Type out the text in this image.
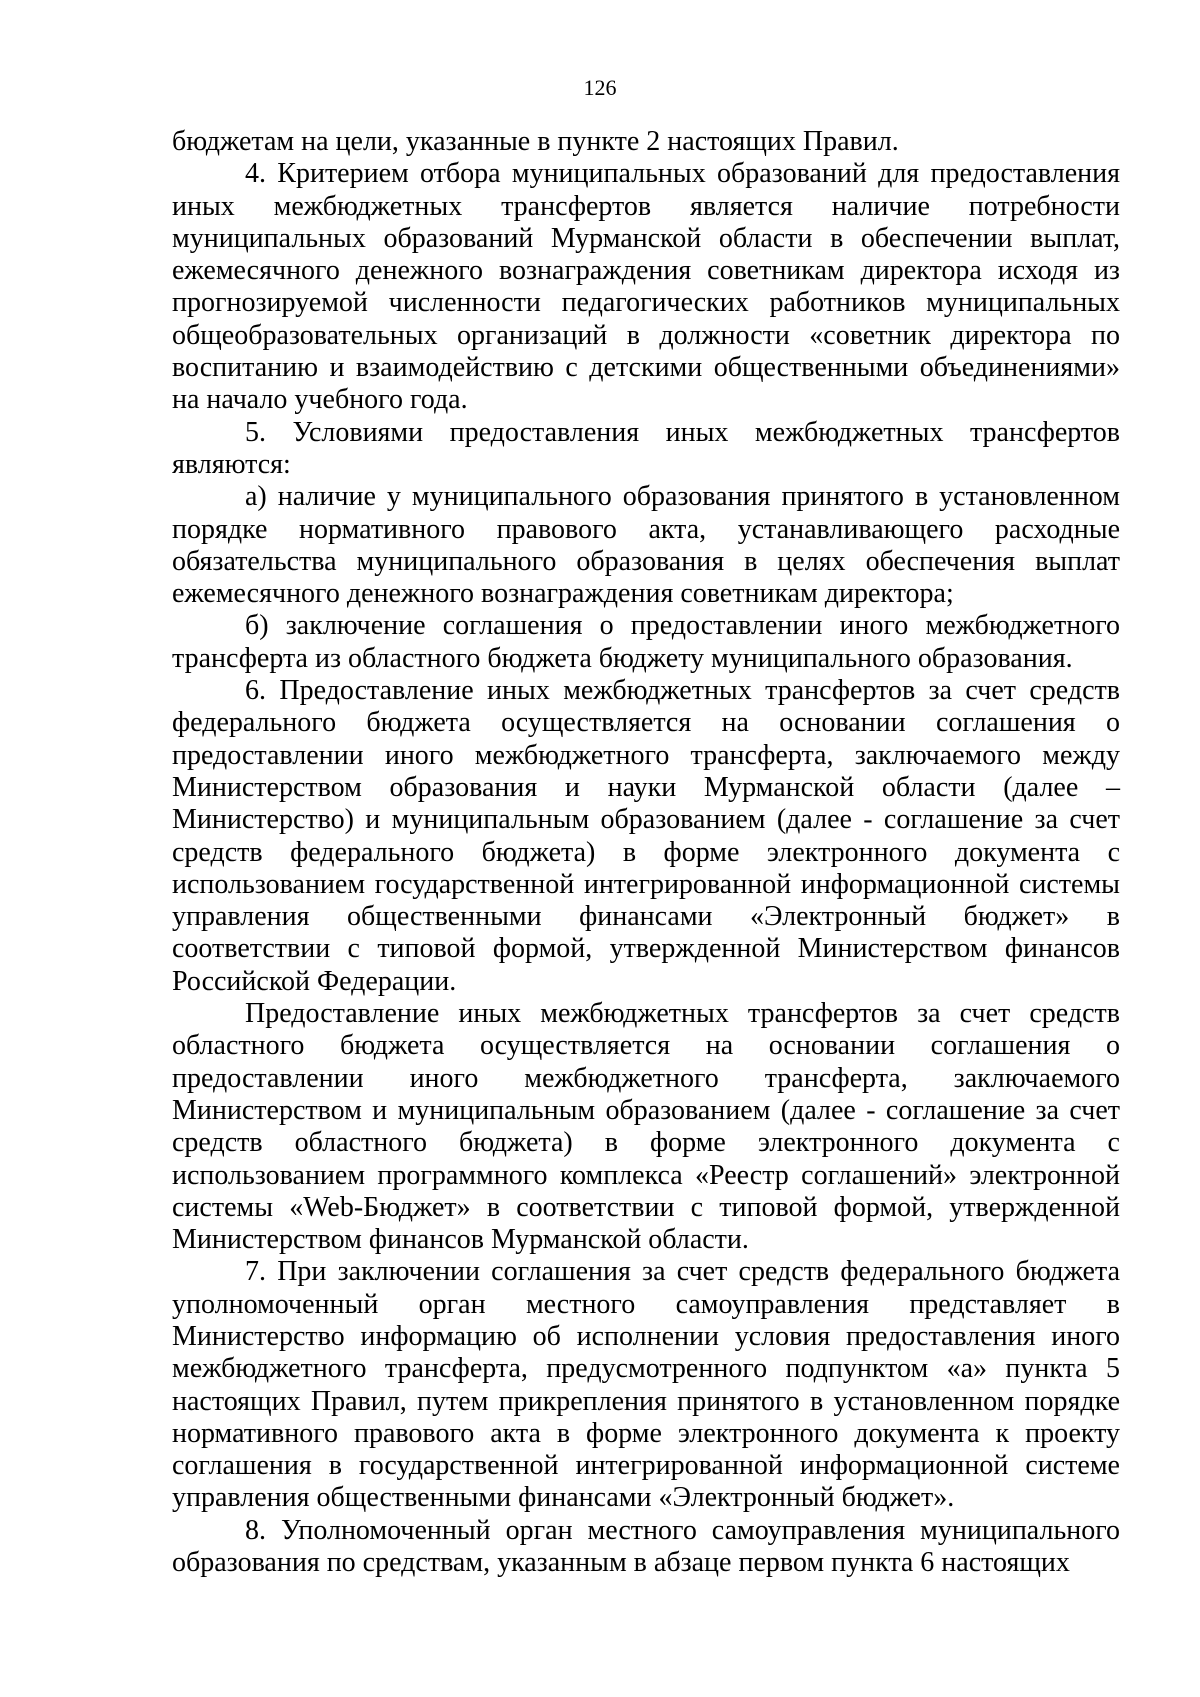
126

бюджетам на цели, указанные в пункте 2 настоящих Правил.

4. Критерием отбора муниципальных образований для предоставления иных межбюджетных трансфертов является наличие потребности муниципальных образований Мурманской области в обеспечении выплат, ежемесячного денежного вознаграждения советникам директора исходя из прогнозируемой численности педагогических работников муниципальных общеобразовательных организаций в должности «советник директора по воспитанию и взаимодействию с детскими общественными объединениями» на начало учебного года.

5. Условиями предоставления иных межбюджетных трансфертов являются:

а) наличие у муниципального образования принятого в установленном порядке нормативного правового акта, устанавливающего расходные обязательства муниципального образования в целях обеспечения выплат ежемесячного денежного вознаграждения советникам директора;

б) заключение соглашения о предоставлении иного межбюджетного трансферта из областного бюджета бюджету муниципального образования.

6. Предоставление иных межбюджетных трансфертов за счет средств федерального бюджета осуществляется на основании соглашения о предоставлении иного межбюджетного трансферта, заключаемого между Министерством образования и науки Мурманской области (далее – Министерство) и муниципальным образованием (далее - соглашение за счет средств федерального бюджета) в форме электронного документа с использованием государственной интегрированной информационной системы управления общественными финансами «Электронный бюджет» в соответствии с типовой формой, утвержденной Министерством финансов Российской Федерации.

Предоставление иных межбюджетных трансфертов за счет средств областного бюджета осуществляется на основании соглашения о предоставлении иного межбюджетного трансферта, заключаемого Министерством и муниципальным образованием (далее - соглашение за счет средств областного бюджета) в форме электронного документа с использованием программного комплекса «Реестр соглашений» электронной системы «Web-Бюджет» в соответствии с типовой формой, утвержденной Министерством финансов Мурманской области.

7. При заключении соглашения за счет средств федерального бюджета уполномоченный орган местного самоуправления представляет в Министерство информацию об исполнении условия предоставления иного межбюджетного трансферта, предусмотренного подпунктом «а» пункта 5 настоящих Правил, путем прикрепления принятого в установленном порядке нормативного правового акта в форме электронного документа к проекту соглашения в государственной интегрированной информационной системе управления общественными финансами «Электронный бюджет».

8. Уполномоченный орган местного самоуправления муниципального образования по средствам, указанным в абзаце первом пункта 6 настоящих
